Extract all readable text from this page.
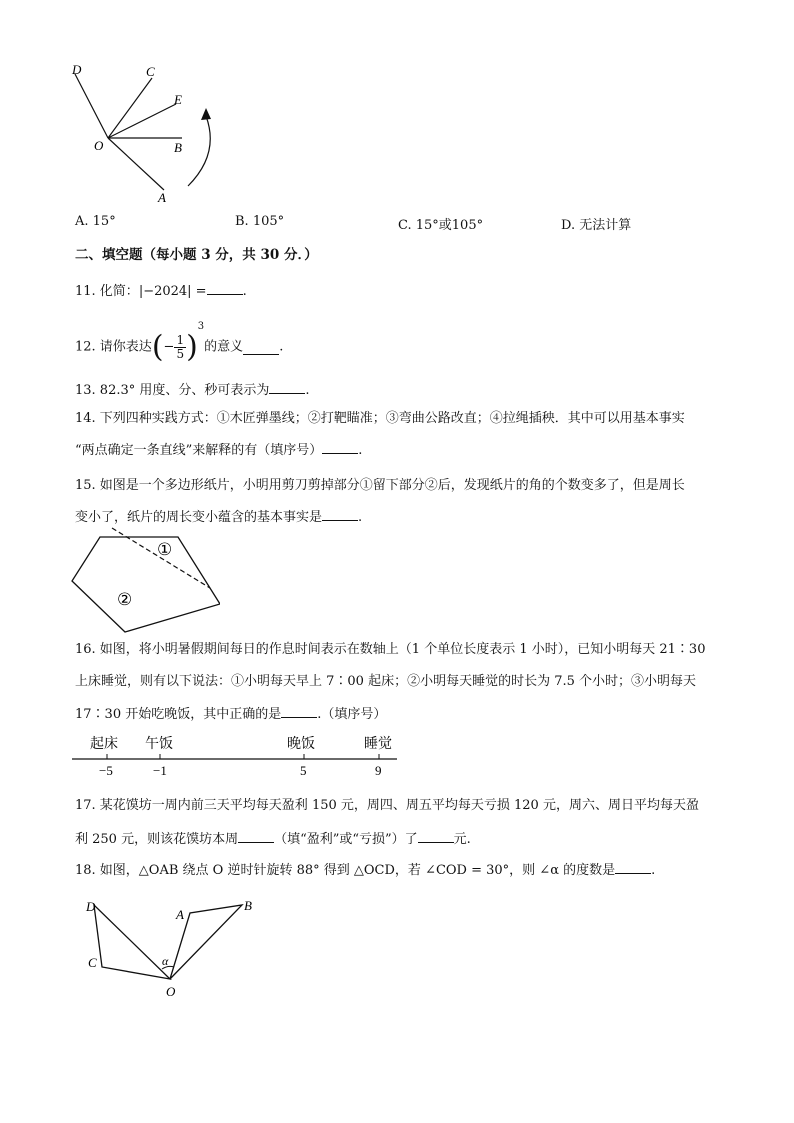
D	C
E
O	B
A
A. 15°	B. 105°	C. 15°或105°	D. 无法计算
二、填空题（每小题 3 分，共 30 分．）
11. 化简：|−2024| =	.
12. 请你表达(− $\frac{1}{5} )^3$的意义	.
13. 82.3° 用度、分、秒可表示为	.
14. 下列四种实践方式：①木匠弹墨线；②打靶瞄准；③弯曲公路改直；④拉绳插秧．其中可以用基本事实
“两点确定一条直线”来解释的有（填序号）	.
15. 如图是一个多边形纸片，小明用剪刀剪掉部分①留下部分②后，发现纸片的角的个数变多了，但是周长
变小了，纸片的周长变小蕴含的基本事实是	.
①
②
16. 如图，将小明暑假期间每日的作息时间表示在数轴上（1 个单位长度表示 1 小时），已知小明每天 21∶30
上床睡觉，则有以下说法：①小明每天早上 7∶00 起床；②小明每天睡觉的时长为 7.5 个小时；③小明每天
17∶30 开始吃晚饭，其中正确的是	.（填序号）
起床 午饭	晚饭	睡觉
−5	−1	5	9
17. 某花馍坊一周内前三天平均每天盈利 150 元，周四、周五平均每天亏损 120 元，周六、周日平均每天盈
利 250 元，则该花馍坊本周	（填“盈利”或“亏损”）了	元.
18. 如图，△OAB 绕点 O 逆时针旋转 88° 得到 △OCD，若 ∠COD = 30°，则 ∠α 的度数是	.
D
A
B
C	α
O
